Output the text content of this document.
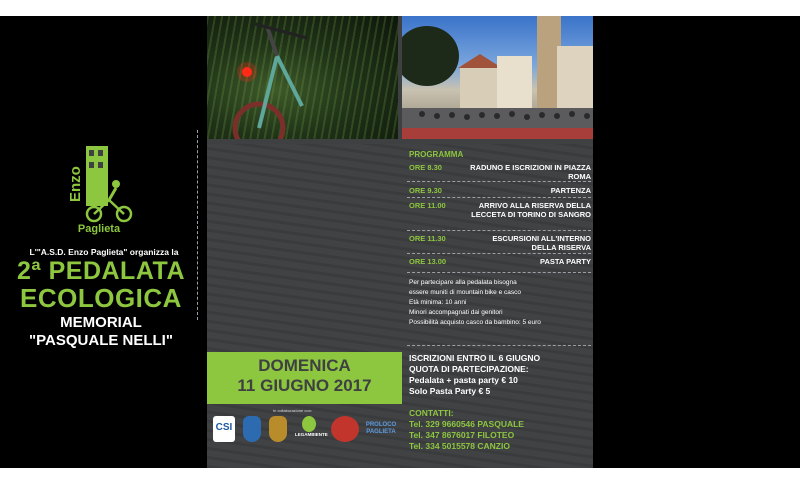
Enzo
Paglieta
L'"A.S.D. Enzo Paglieta" organizza la
2ª PEDALATA
ECOLOGICA
MEMORIAL
"PASQUALE NELLI"
DOMENICA
11 GIUGNO 2017
In collaborazione con:
CSI
LEGAMBIENTE
PROLOCO PAGLIETA
PROGRAMMA
ORE 8.30	RADUNO E ISCRIZIONI IN PIAZZA ROMA
ORE 9.30	PARTENZA
ORE 11.00	ARRIVO ALLA RISERVA DELLA LECCETA DI TORINO DI SANGRO
ORE 11.30	ESCURSIONI ALL'INTERNO DELLA RISERVA
ORE 13.00	PASTA PARTY
Per partecipare alla pedalata bisogna
essere muniti di mountain bike e casco
Età minima: 10 anni
Minori accompagnati dai genitori
Possibilità acquisto casco da bambino: 5 euro
ISCRIZIONI ENTRO IL 6 GIUGNO
QUOTA DI PARTECIPAZIONE:
Pedalata + pasta party € 10
Solo Pasta Party € 5
CONTATTI:
Tel. 329 9660546 PASQUALE
Tel. 347 8676017 FILOTEO
Tel. 334 5015578 CANZIO
